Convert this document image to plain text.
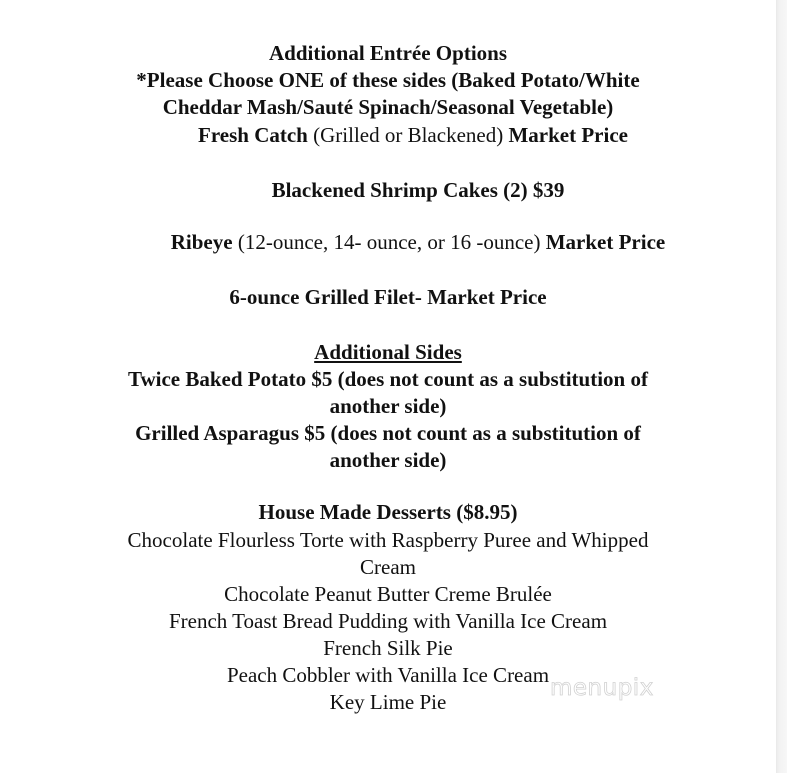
Additional Entrée Options
*Please Choose ONE of these sides (Baked Potato/White
Cheddar Mash/Sauté Spinach/Seasonal Vegetable)
Fresh Catch (Grilled or Blackened) Market Price
Blackened Shrimp Cakes (2) $39
Ribeye (12-ounce, 14- ounce, or 16 -ounce) Market Price
6-ounce Grilled Filet- Market Price
Additional Sides
Twice Baked Potato $5 (does not count as a substitution of
another side)
Grilled Asparagus $5 (does not count as a substitution of
another side)
House Made Desserts ($8.95)
Chocolate Flourless Torte with Raspberry Puree and Whipped
Cream
Chocolate Peanut Butter Creme Brulée
French Toast Bread Pudding with Vanilla Ice Cream
French Silk Pie
Peach Cobbler with Vanilla Ice Cream
Key Lime Pie
menupix
